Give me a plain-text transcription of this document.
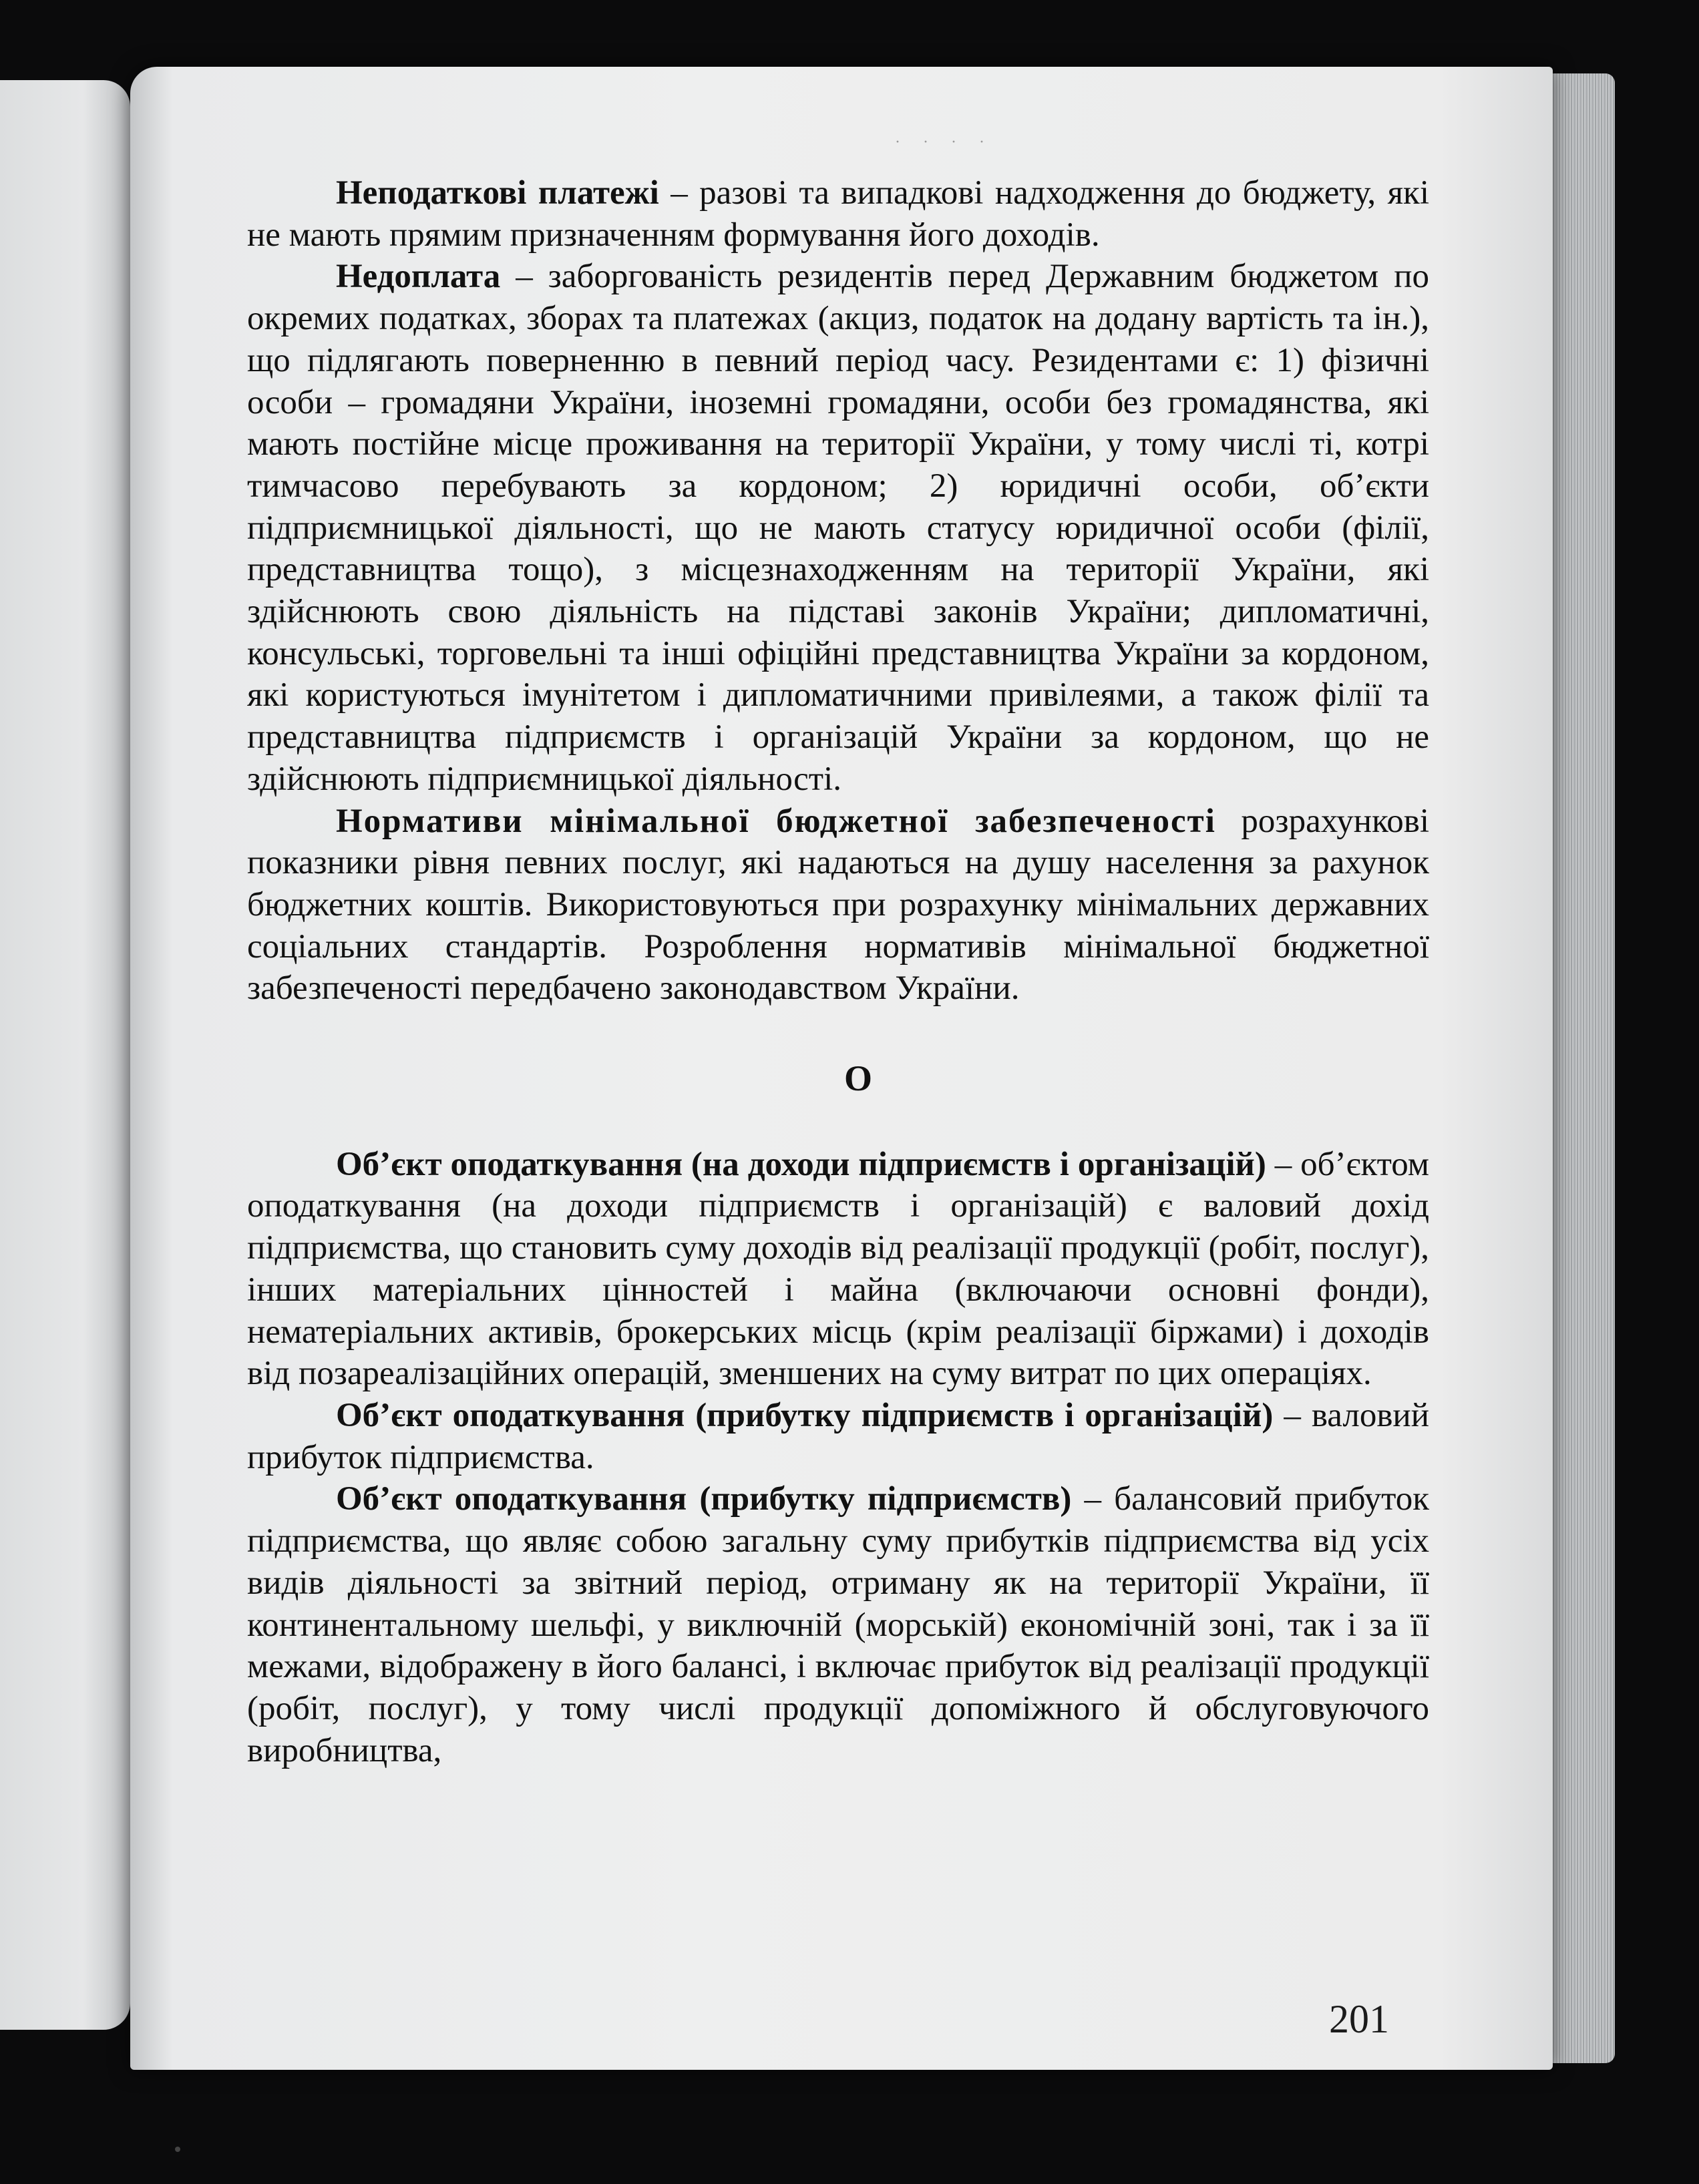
· · · ·

Неподаткові платежі – разові та випадкові надходження до бюджету, які не мають прямим призначенням формування його доходів.

Недоплата – заборгованість резидентів перед Державним бюджетом по окремих податках, зборах та платежах (акциз, податок на додану вартість та ін.), що підлягають поверненню в певний період часу. Резидентами є: 1) фізичні особи – громадяни України, іноземні громадяни, особи без громадянства, які мають постійне місце проживання на території України, у тому числі ті, котрі тимчасово перебувають за кордоном; 2) юридичні особи, об’єкти підприємницької діяльності, що не мають статусу юридичної особи (філії, представництва тощо), з місцезнаходженням на території України, які здійснюють свою діяльність на підставі законів України; дипломатичні, консульські, торговельні та інші офіційні представництва України за кордоном, які користуються імунітетом і дипломатичними привілеями, а також філії та представництва підприємств і організацій України за кордоном, що не здійснюють підприємницької діяльності.

Нормативи мінімальної бюджетної забезпеченості розрахункові показники рівня певних послуг, які надаються на душу населення за рахунок бюджетних коштів. Використовуються при розрахунку мінімальних державних соціальних стандартів. Розроблення нормативів мінімальної бюджетної забезпеченості передбачено законодавством України.

О

Об’єкт оподаткування (на доходи підприємств і організацій) – об’єктом оподаткування (на доходи підприємств і організацій) є валовий дохід підприємства, що становить суму доходів від реалізації продукції (робіт, послуг), інших матеріальних цінностей і майна (включаючи основні фонди), нематеріальних активів, брокерських місць (крім реалізації біржами) і доходів від позареалізаційних операцій, зменшених на суму витрат по цих операціях.

Об’єкт оподаткування (прибутку підприємств і організацій) – валовий прибуток підприємства.

Об’єкт оподаткування (прибутку підприємств) – балансовий прибуток підприємства, що являє собою загальну суму прибутків підприємства від усіх видів діяльності за звітний період, отриману як на території України, її континентальному шельфі, у виключній (морській) економічній зоні, так і за її межами, відображену в його балансі, і включає прибуток від реалізації продукції (робіт, послуг), у тому числі продукції допоміжного й обслуговуючого виробництва,

201
